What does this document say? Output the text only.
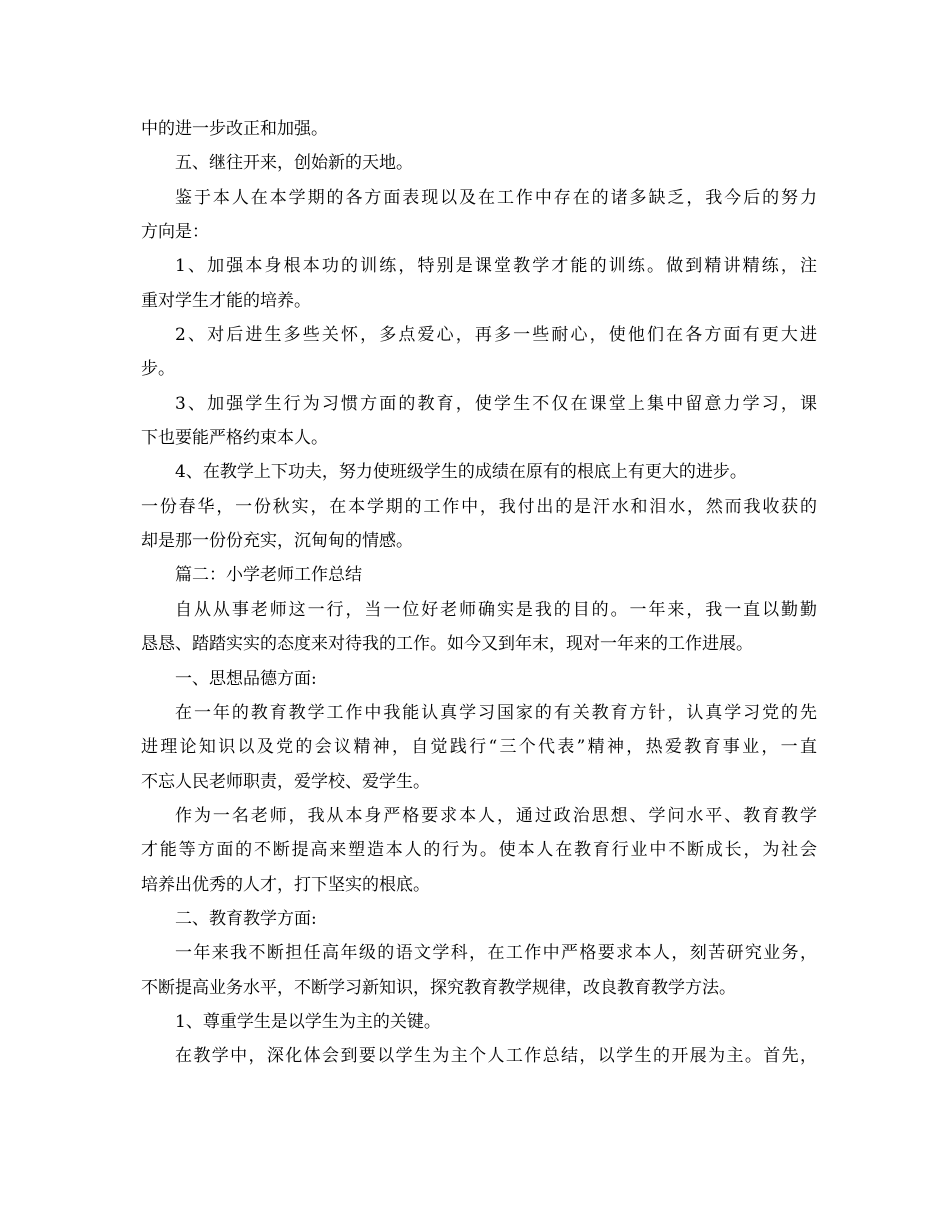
中的进一步改正和加强。
五、继往开来，创始新的天地。
鉴于本人在本学期的各方面表现以及在工作中存在的诸多缺乏，我今后的努力
方向是：
1、加强本身根本功的训练，特别是课堂教学才能的训练。做到精讲精练，注
重对学生才能的培养。
2、对后进生多些关怀，多点爱心，再多一些耐心，使他们在各方面有更大进
步。
3、加强学生行为习惯方面的教育，使学生不仅在课堂上集中留意力学习，课
下也要能严格约束本人。
4、在教学上下功夫，努力使班级学生的成绩在原有的根底上有更大的进步。
一份春华，一份秋实，在本学期的工作中，我付出的是汗水和泪水，然而我收获的
却是那一份份充实，沉甸甸的情感。
篇二：小学老师工作总结
自从从事老师这一行，当一位好老师确实是我的目的。一年来，我一直以勤勤
恳恳、踏踏实实的态度来对待我的工作。如今又到年末，现对一年来的工作进展。
一、思想品德方面:
在一年的教育教学工作中我能认真学习国家的有关教育方针，认真学习党的先
进理论知识以及党的会议精神，自觉践行“三个代表”精神，热爱教育事业，一直
不忘人民老师职责，爱学校、爱学生。
作为一名老师，我从本身严格要求本人，通过政治思想、学问水平、教育教学
才能等方面的不断提高来塑造本人的行为。使本人在教育行业中不断成长，为社会
培养出优秀的人才，打下坚实的根底。
二、教育教学方面:
一年来我不断担任高年级的语文学科，在工作中严格要求本人，刻苦研究业务，
不断提高业务水平，不断学习新知识，探究教育教学规律，改良教育教学方法。
1、尊重学生是以学生为主的关键。
在教学中，深化体会到要以学生为主个人工作总结，以学生的开展为主。首先，
